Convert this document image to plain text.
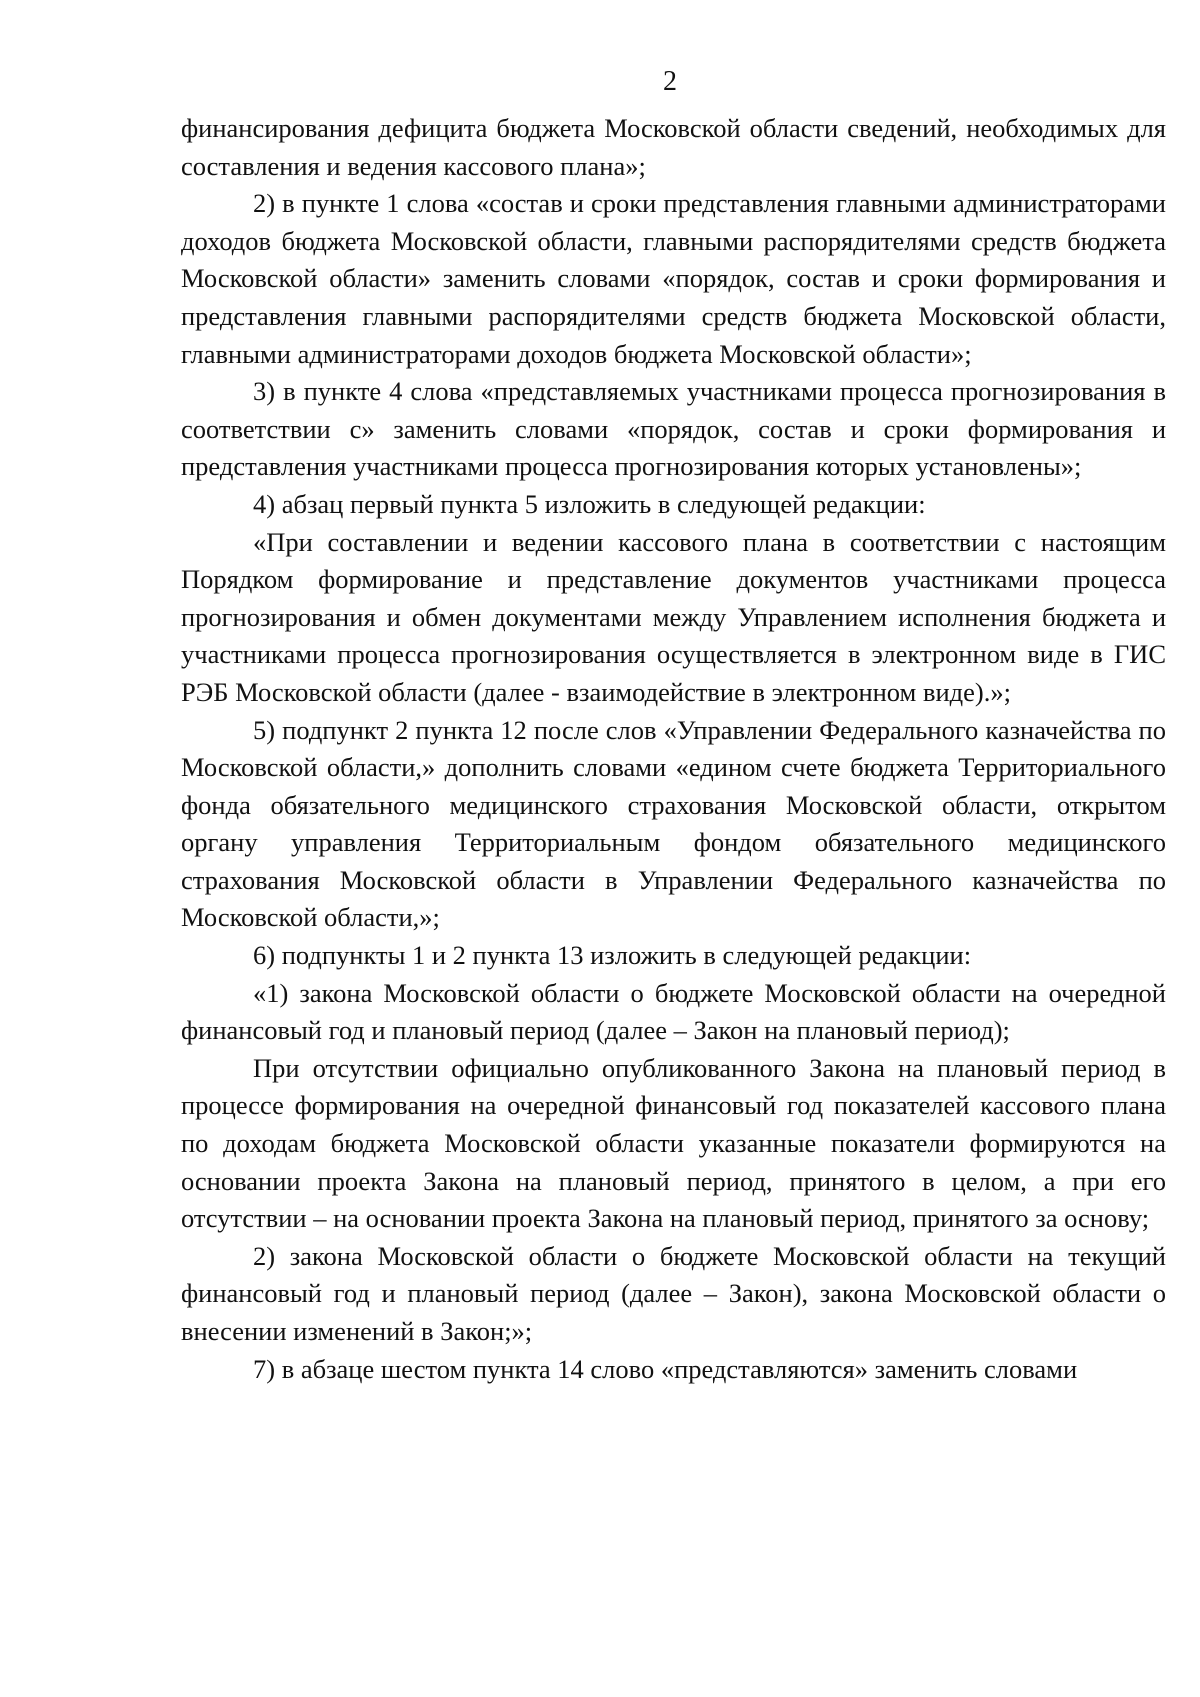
2

финансирования дефицита бюджета Московской области сведений, необходимых для составления и ведения кассового плана»;

2) в пункте 1 слова «состав и сроки представления главными администраторами доходов бюджета Московской области, главными распорядителями средств бюджета Московской области» заменить словами «порядок, состав и сроки формирования и представления главными распорядителями средств бюджета Московской области, главными администраторами доходов бюджета Московской области»;

3) в пункте 4 слова «представляемых участниками процесса прогнозирования в соответствии с» заменить словами «порядок, состав и сроки формирования и представления участниками процесса прогнозирования которых установлены»;

4) абзац первый пункта 5 изложить в следующей редакции:

«При составлении и ведении кассового плана в соответствии с настоящим Порядком формирование и представление документов участниками процесса прогнозирования и обмен документами между Управлением исполнения бюджета и участниками процесса прогнозирования осуществляется в электронном виде в ГИС РЭБ Московской области (далее - взаимодействие в электронном виде).»;

5) подпункт 2 пункта 12 после слов «Управлении Федерального казначейства по Московской области,» дополнить словами «едином счете бюджета Территориального фонда обязательного медицинского страхования Московской области, открытом органу управления Территориальным фондом обязательного медицинского страхования Московской области в Управлении Федерального казначейства по Московской области,»;

6) подпункты 1 и 2 пункта 13 изложить в следующей редакции:

«1) закона Московской области о бюджете Московской области на очередной финансовый год и плановый период (далее – Закон на плановый период);

При отсутствии официально опубликованного Закона на плановый период в процессе формирования на очередной финансовый год показателей кассового плана по доходам бюджета Московской области указанные показатели формируются на основании проекта Закона на плановый период, принятого в целом, а при его отсутствии – на основании проекта Закона на плановый период, принятого за основу;

2) закона Московской области о бюджете Московской области на текущий финансовый год и плановый период (далее – Закон), закона Московской области о внесении изменений в Закон;»;

7) в абзаце шестом пункта 14 слово «представляются» заменить словами
